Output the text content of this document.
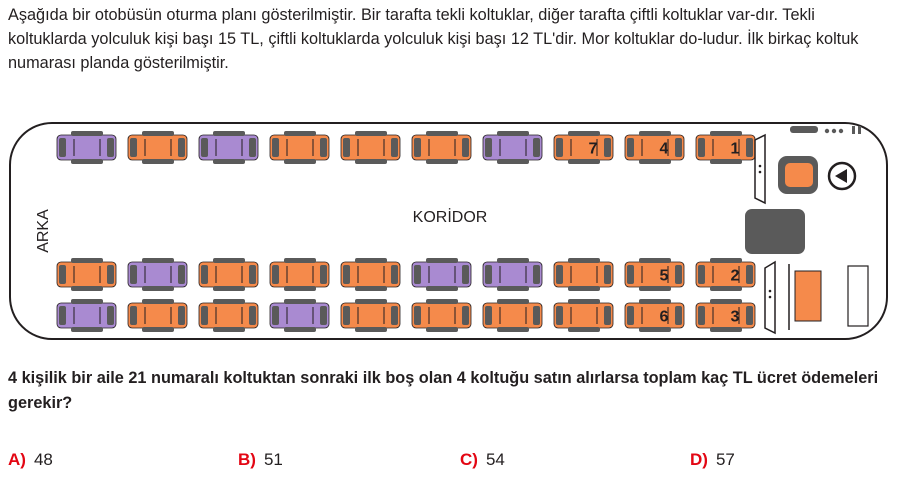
Aşağıda bir otobüsün oturma planı gösterilmiştir. Bir tarafta tekli koltuklar, diğer tarafta çiftli koltuklar var-dır. Tekli koltuklarda yolculuk kişi başı 15 TL, çiftli koltuklarda yolculuk kişi başı 12 TL'dir. Mor koltuklar do-ludur. İlk birkaç koltuk numarası planda gösterilmiştir.

ARKA	KORİDOR
7	4	1
5	2
6	3

4 kişilik bir aile 21 numaralı koltuktan sonraki ilk boş olan 4 koltuğu satın alırlarsa toplam kaç TL ücret ödemeleri gerekir?

A) 48	B) 51	C) 54	D) 57
